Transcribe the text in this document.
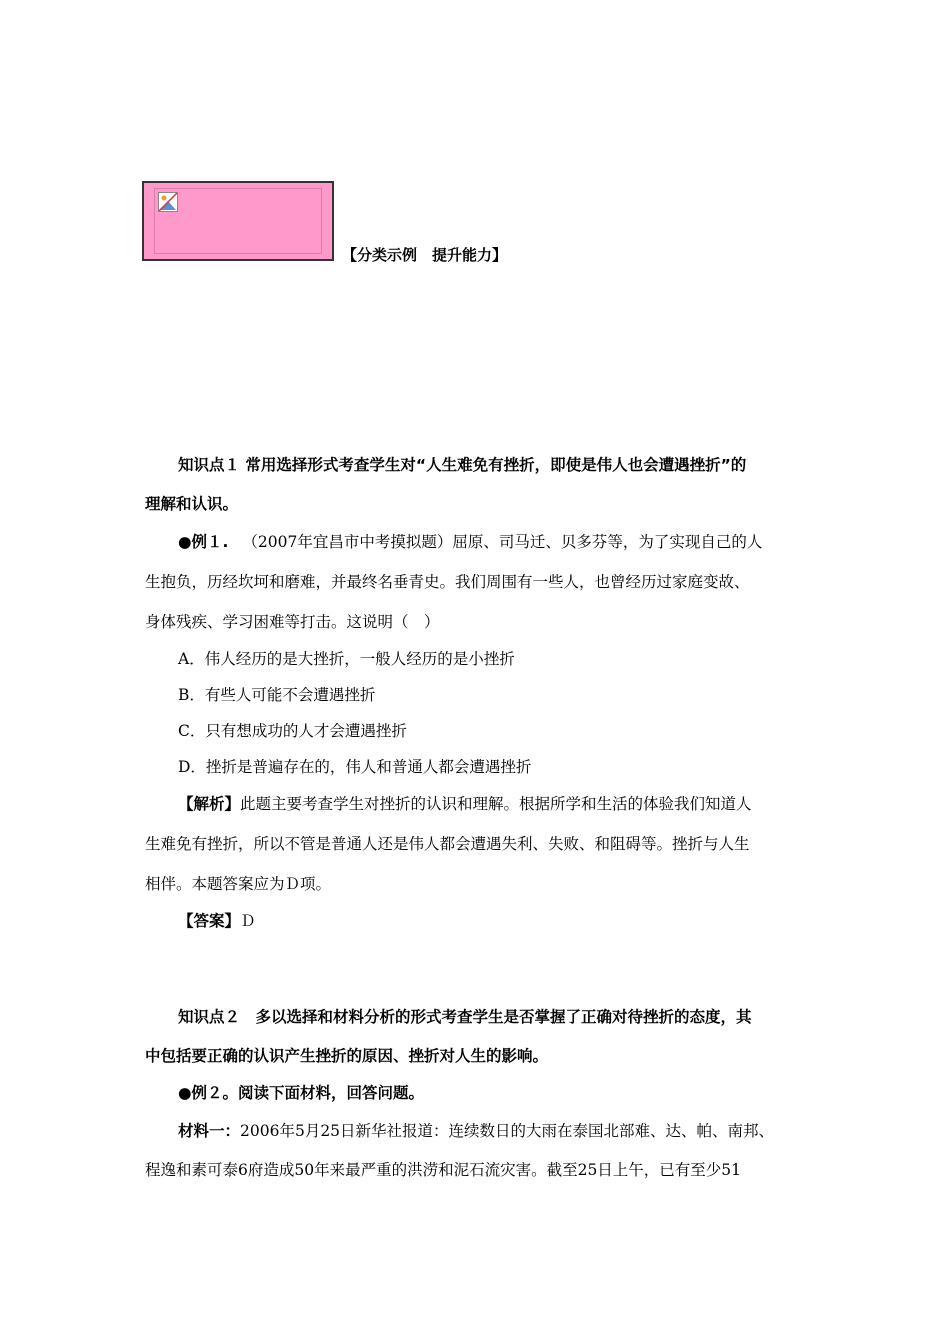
【分类示例　提升能力】
知识点１ 常用选择形式考查学生对“人生难免有挫折，即使是伟人也会遭遇挫折”的
理解和认识。
●例１. （2007年宜昌市中考摸拟题）屈原、司马迁、贝多芬等，为了实现自己的人
生抱负，历经坎坷和磨难，并最终名垂青史。我们周围有一些人，也曾经历过家庭变故、
身体残疾、学习困难等打击。这说明（　）
A．伟人经历的是大挫折，一般人经历的是小挫折
B．有些人可能不会遭遇挫折
C．只有想成功的人才会遭遇挫折
D．挫折是普遍存在的，伟人和普通人都会遭遇挫折
【解析】此题主要考查学生对挫折的认识和理解。根据所学和生活的体验我们知道人
生难免有挫折，所以不管是普通人还是伟人都会遭遇失利、失败、和阻碍等。挫折与人生
相伴。本题答案应为Ｄ项。
【答案】Ｄ
知识点２　多以选择和材料分析的形式考查学生是否掌握了正确对待挫折的态度，其
中包括要正确的认识产生挫折的原因、挫折对人生的影响。
●例２。阅读下面材料，回答问题。
材料一：2006年5月25日新华社报道：连续数日的大雨在泰国北部难、达、帕、南邦、
程逸和素可泰6府造成50年来最严重的洪涝和泥石流灾害。截至25日上午，已有至少51
